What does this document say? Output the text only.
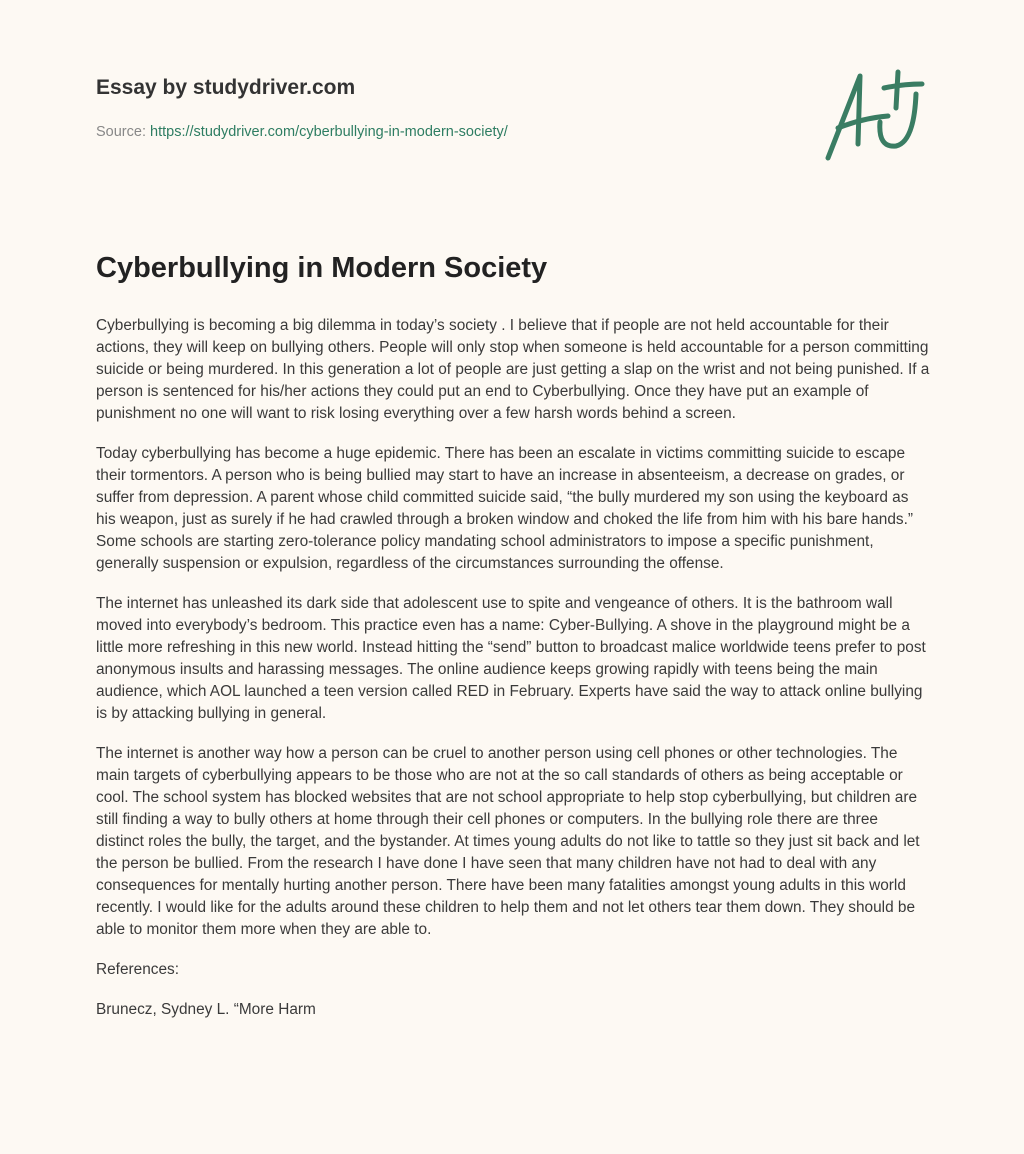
Essay by studydriver.com
Source: https://studydriver.com/cyberbullying-in-modern-society/
Cyberbullying in Modern Society

Cyberbullying is becoming a big dilemma in today’s society . I believe that if people are not held accountable for their actions, they will keep on bullying others. People will only stop when someone is held accountable for a person committing suicide or being murdered. In this generation a lot of people are just getting a slap on the wrist and not being punished. If a person is sentenced for his/her actions they could put an end to Cyberbullying. Once they have put an example of punishment no one will want to risk losing everything over a few harsh words behind a screen.

Today cyberbullying has become a huge epidemic. There has been an escalate in victims committing suicide to escape their tormentors. A person who is being bullied may start to have an increase in absenteeism, a decrease on grades, or suffer from depression. A parent whose child committed suicide said, “the bully murdered my son using the keyboard as his weapon, just as surely if he had crawled through a broken window and choked the life from him with his bare hands.” Some schools are starting zero-tolerance policy mandating school administrators to impose a specific punishment, generally suspension or expulsion, regardless of the circumstances surrounding the offense.

The internet has unleashed its dark side that adolescent use to spite and vengeance of others. It is the bathroom wall moved into everybody’s bedroom. This practice even has a name: Cyber-Bullying. A shove in the playground might be a little more refreshing in this new world. Instead hitting the “send” button to broadcast malice worldwide teens prefer to post anonymous insults and harassing messages. The online audience keeps growing rapidly with teens being the main audience, which AOL launched a teen version called RED in February. Experts have said the way to attack online bullying is by attacking bullying in general.

The internet is another way how a person can be cruel to another person using cell phones or other technologies. The main targets of cyberbullying appears to be those who are not at the so call standards of others as being acceptable or cool. The school system has blocked websites that are not school appropriate to help stop cyberbullying, but children are still finding a way to bully others at home through their cell phones or computers. In the bullying role there are three distinct roles the bully, the target, and the bystander. At times young adults do not like to tattle so they just sit back and let the person be bullied. From the research I have done I have seen that many children have not had to deal with any consequences for mentally hurting another person. There have been many fatalities amongst young adults in this world recently. I would like for the adults around these children to help them and not let others tear them down. They should be able to monitor them more when they are able to.

References:

Brunecz, Sydney L. “More Harm
